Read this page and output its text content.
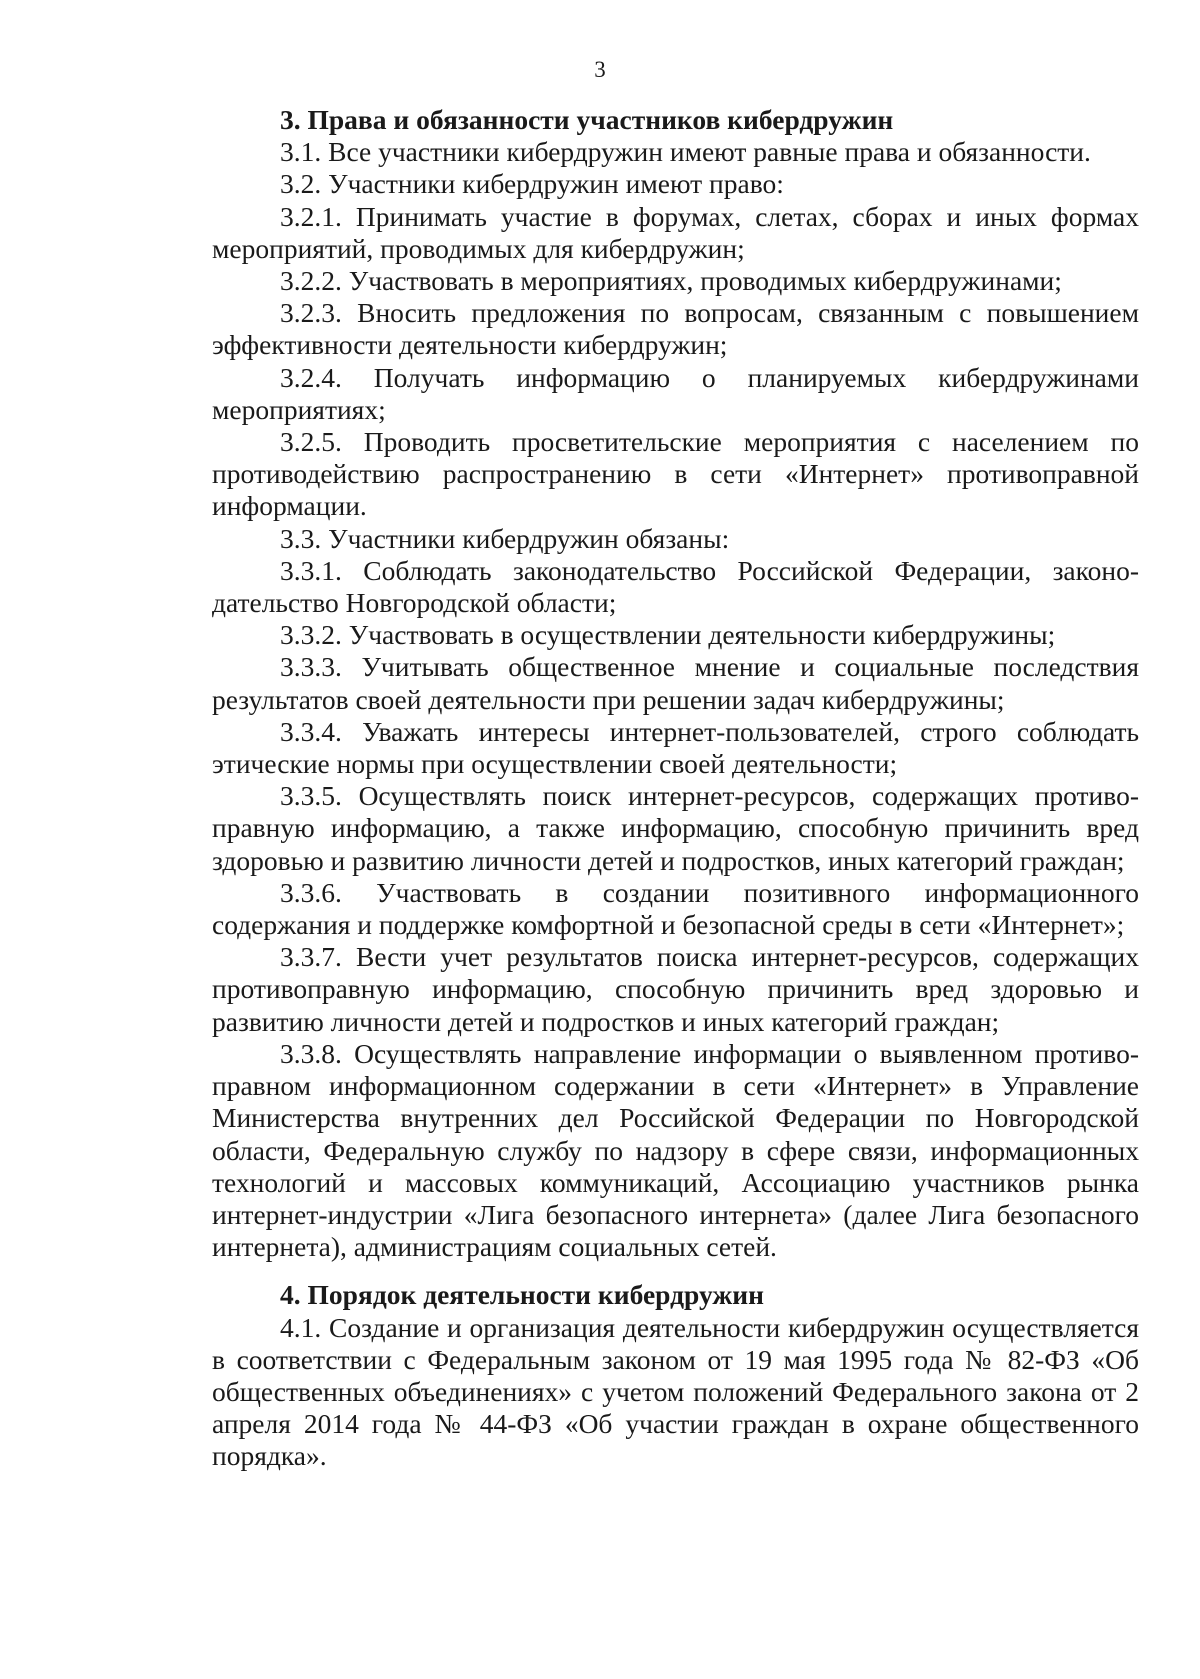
3
3. Права и обязанности участников кибердружин

3.1. Все участники кибердружин имеют равные права и обязанности.

3.2. Участники кибердружин имеют право:

3.2.1. Принимать участие в форумах, слетах, сборах и иных формах мероприятий, проводимых для кибердружин;

3.2.2. Участвовать в мероприятиях, проводимых кибердружинами;

3.2.3. Вносить предложения по вопросам, связанным с повышением эффективности деятельности кибердружин;

3.2.4. Получать информацию о планируемых кибердружинами мероприятиях;

3.2.5. Проводить просветительские мероприятия с населением по противодействию распространению в сети «Интернет» противоправной информации.

3.3. Участники кибердружин обязаны:

3.3.1. Соблюдать законодательство Российской Федерации, законодательство Новгородской области;

3.3.2. Участвовать в осуществлении деятельности кибердружины;

3.3.3. Учитывать общественное мнение и социальные последствия результатов своей деятельности при решении задач кибердружины;

3.3.4. Уважать интересы интернет-пользователей, строго соблюдать этические нормы при осуществлении своей деятельности;

3.3.5. Осуществлять поиск интернет-ресурсов, содержащих противоправную информацию, а также информацию, способную причинить вред здоровью и развитию личности детей и подростков, иных категорий граждан;

3.3.6. Участвовать в создании позитивного информационного содержания и поддержке комфортной и безопасной среды в сети «Интернет»;

3.3.7. Вести учет результатов поиска интернет-ресурсов, содержащих противоправную информацию, способную причинить вред здоровью и развитию личности детей и подростков и иных категорий граждан;

3.3.8. Осуществлять направление информации о выявленном противоправном информационном содержании в сети «Интернет» в Управление Министерства внутренних дел Российской Федерации по Новгородской области, Федеральную службу по надзору в сфере связи, информационных технологий и массовых коммуникаций, Ассоциацию участников рынка интернет-индустрии «Лига безопасного интернета» (далее Лига безопасного интернета), администрациям социальных сетей.

4. Порядок деятельности кибердружин

4.1. Создание и организация деятельности кибердружин осуществляется в соответствии с Федеральным законом от 19 мая 1995 года № 82-ФЗ «Об общественных объединениях» с учетом положений Федерального закона от 2 апреля 2014 года № 44-ФЗ «Об участии граждан в охране общественного порядка».
